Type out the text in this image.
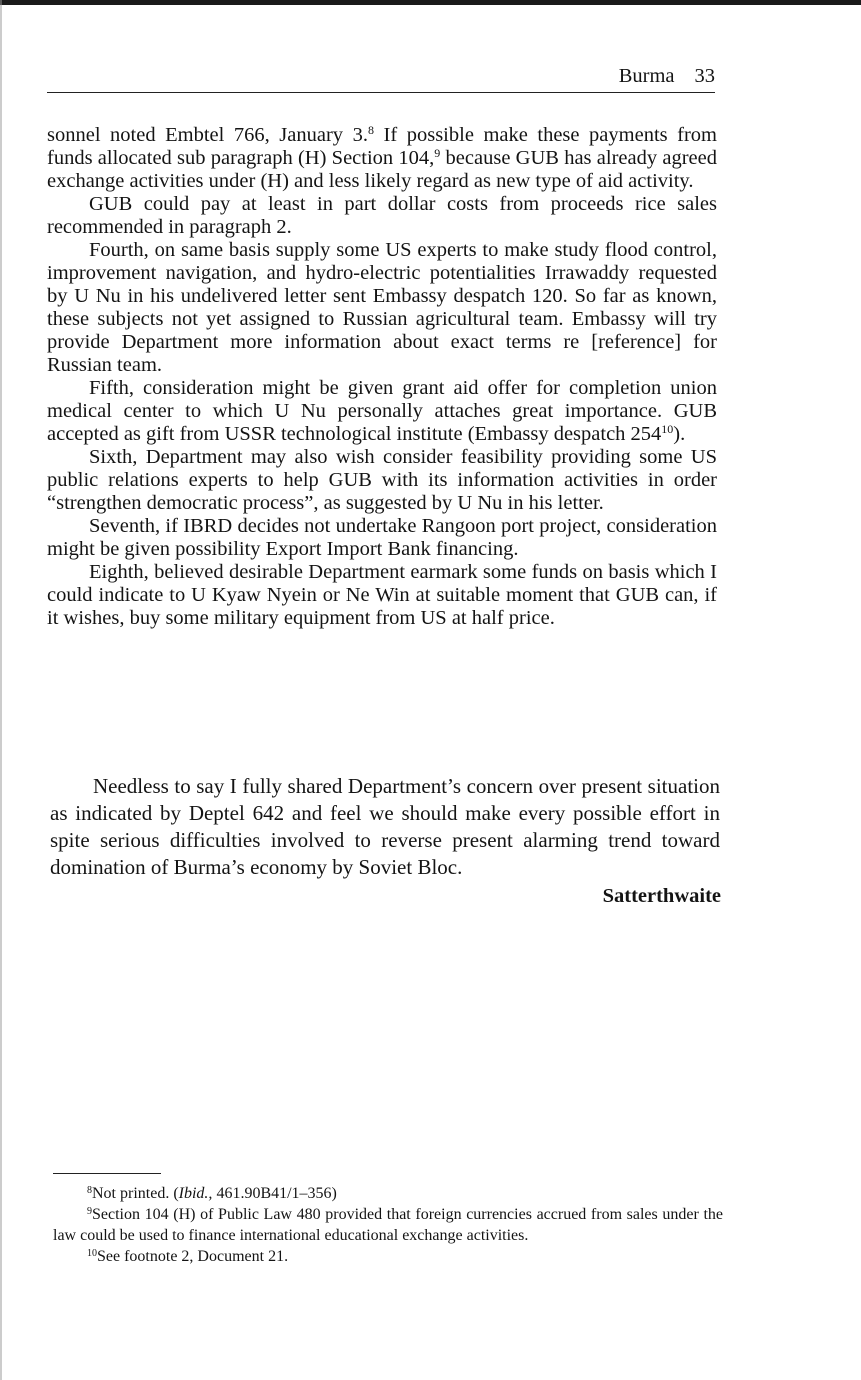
Burma 33

sonnel noted Embtel 766, January 3.$^8$ If possible make these payments from funds allocated sub paragraph (H) Section 104,$^9$ because GUB has already agreed exchange activities under (H) and less likely regard as new type of aid activity.

GUB could pay at least in part dollar costs from proceeds rice sales recommended in paragraph 2.

Fourth, on same basis supply some US experts to make study flood control, improvement navigation, and hydro-electric potentialities Irrawaddy requested by U Nu in his undelivered letter sent Embassy despatch 120. So far as known, these subjects not yet assigned to Russian agricultural team. Embassy will try provide Department more information about exact terms re [reference] for Russian team.

Fifth, consideration might be given grant aid offer for completion union medical center to which U Nu personally attaches great importance. GUB accepted as gift from USSR technological institute (Embassy despatch $254^{10}$).

Sixth, Department may also wish consider feasibility providing some US public relations experts to help GUB with its information activities in order “strengthen democratic process”, as suggested by U Nu in his letter.

Seventh, if IBRD decides not undertake Rangoon port project, consideration might be given possibility Export Import Bank financing.

Eighth, believed desirable Department earmark some funds on basis which I could indicate to U Kyaw Nyein or Ne Win at suitable moment that GUB can, if it wishes, buy some military equipment from US at half price.

Needless to say I fully shared Department’s concern over present situation as indicated by Deptel 642 and feel we should make every possible effort in spite serious difficulties involved to reverse present alarming trend toward domination of Burma’s economy by Soviet Bloc.

Satterthwaite

$^8$Not printed. (Ibid., 461.90B41/1–356)

$^9$Section 104 (H) of Public Law 480 provided that foreign currencies accrued from sales under the law could be used to finance international educational exchange activities.

$^{10}$See footnote 2, Document 21.
